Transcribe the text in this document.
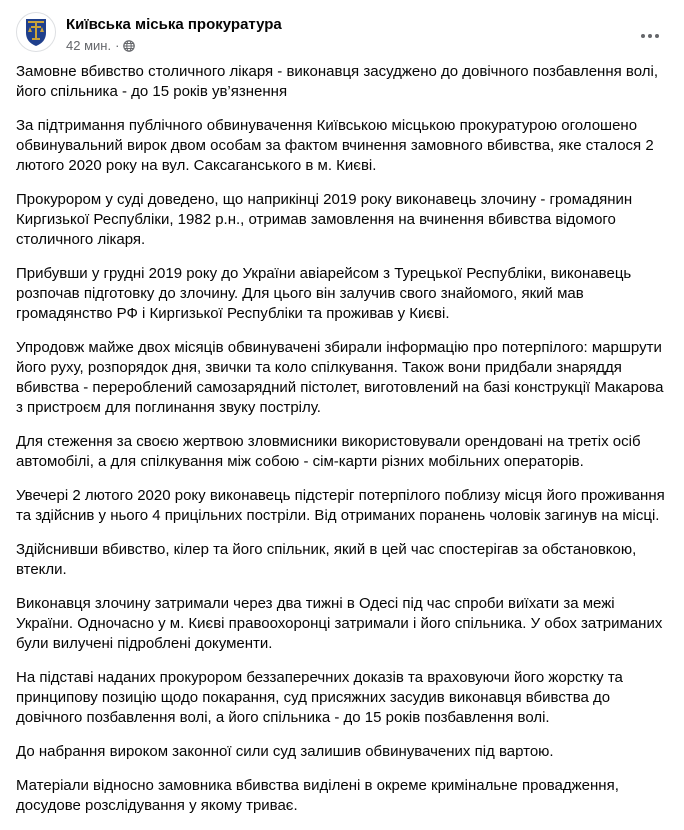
Київська міська прокуратура
42 мин. ·

Замовне вбивство столичного лікаря - виконавця засуджено до довічного позбавлення волі, його спільника - до 15 років ув’язнення

За підтримання публічного обвинувачення Київською місцькою прокуратурою оголошено обвинувальний вирок двом особам за фактом вчинення замовного вбивства, яке сталося 2 лютого 2020 року на вул. Саксаганського в м. Києві.

Прокурором у суді доведено, що наприкінці 2019 року виконавець злочину - громадянин Киргизької Республіки, 1982 р.н., отримав замовлення на вчинення вбивства відомого столичного лікаря.

Прибувши у грудні 2019 року до України авіарейсом з Турецької Республіки, виконавець розпочав підготовку до злочину. Для цього він залучив свого знайомого, який мав громадянство РФ і Киргизької Республіки та проживав у Києві.

Упродовж майже двох місяців обвинувачені збирали інформацію про потерпілого: маршрути його руху, розпорядок дня, звички та коло спілкування. Також вони придбали знаряддя вбивства - перероблений самозарядний пістолет, виготовлений на базі конструкції Макарова з пристроєм для поглинання звуку пострілу.

Для стеження за своєю жертвою зловмисники використовували орендовані на третіх осіб автомобілі, а для спілкування між собою - сім-карти різних мобільних операторів.

Увечері 2 лютого 2020 року виконавець підстеріг потерпілого поблизу місця його проживання та здійснив у нього 4 прицільних постріли. Від отриманих поранень чоловік загинув на місці.

Здійснивши вбивство, кілер та його спільник, який в цей час спостерігав за обстановкою, втекли.

Виконавця злочину затримали через два тижні в Одесі під час спроби виїхати за межі України. Одночасно у м. Києві правоохоронці затримали і його спільника. У обох затриманих були вилучені підроблені документи.

На підставі наданих прокурором беззаперечних доказів та враховуючи його жорстку та принципову позицію щодо покарання, суд присяжних засудив виконавця вбивства до довічного позбавлення волі, а його спільника - до 15 років позбавлення волі.

До набрання вироком законної сили суд залишив обвинувачених під вартою.

Матеріали відносно замовника вбивства виділені в окреме кримінальне провадження, досудове розслідування у якому триває.
